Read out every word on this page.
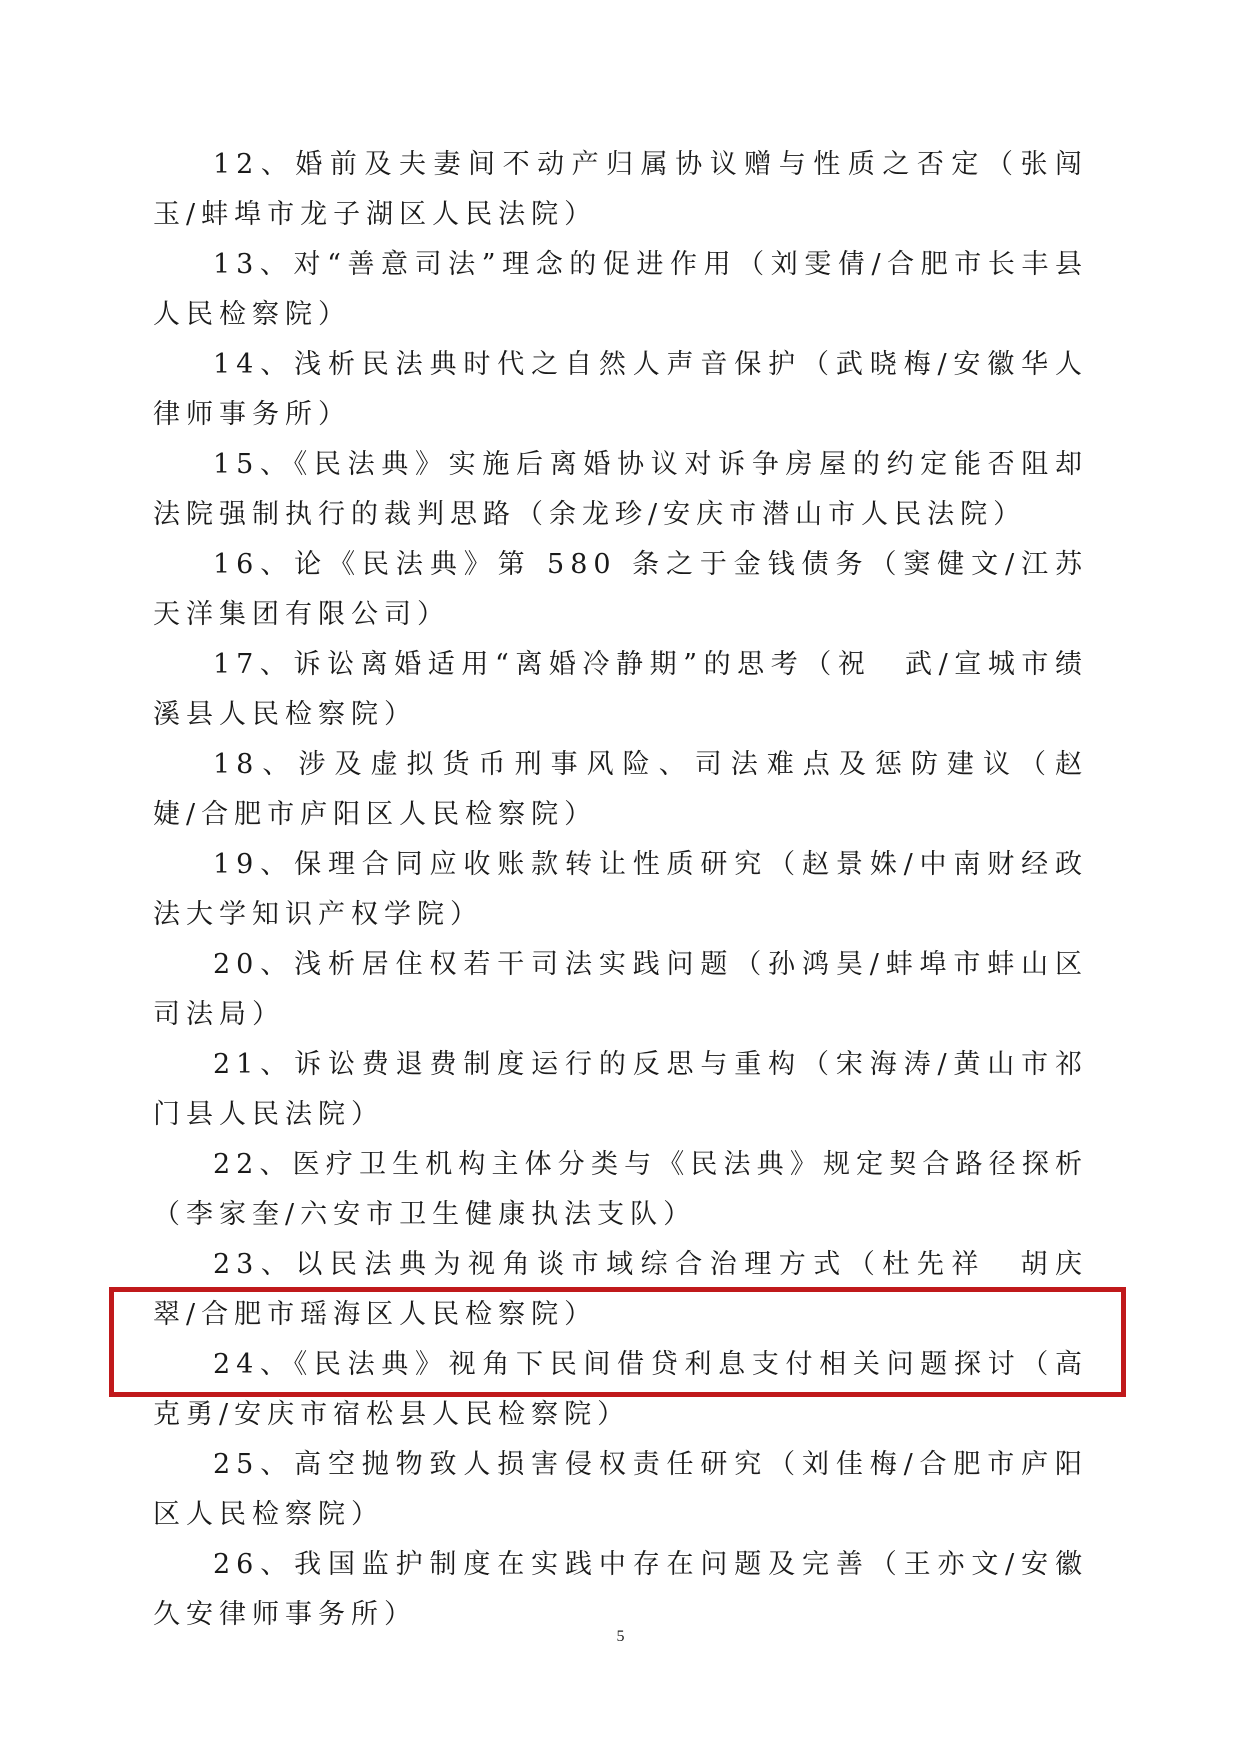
12、婚前及夫妻间不动产归属协议赠与性质之否定（张闯玉/蚌埠市龙子湖区人民法院）

13、对“善意司法”理念的促进作用（刘雯倩/合肥市长丰县人民检察院）

14、浅析民法典时代之自然人声音保护（武晓梅/安徽华人律师事务所）

15、《民法典》实施后离婚协议对诉争房屋的约定能否阻却法院强制执行的裁判思路（余龙珍/安庆市潜山市人民法院）

16、论《民法典》第 580 条之于金钱债务（窦健文/江苏天洋集团有限公司）

17、诉讼离婚适用“离婚冷静期”的思考（祝　武/宣城市绩溪县人民检察院）

18、涉及虚拟货币刑事风险、司法难点及惩防建议（赵　婕/合肥市庐阳区人民检察院）

19、保理合同应收账款转让性质研究（赵景姝/中南财经政法大学知识产权学院）

20、浅析居住权若干司法实践问题（孙鸿昊/蚌埠市蚌山区司法局）

21、诉讼费退费制度运行的反思与重构（宋海涛/黄山市祁门县人民法院）

22、医疗卫生机构主体分类与《民法典》规定契合路径探析（李家奎/六安市卫生健康执法支队）

23、以民法典为视角谈市域综合治理方式（杜先祥　胡庆翠/合肥市瑶海区人民检察院）

24、《民法典》视角下民间借贷利息支付相关问题探讨（高克勇/安庆市宿松县人民检察院）

25、高空抛物致人损害侵权责任研究（刘佳梅/合肥市庐阳区人民检察院）

26、我国监护制度在实践中存在问题及完善（王亦文/安徽久安律师事务所）

5
